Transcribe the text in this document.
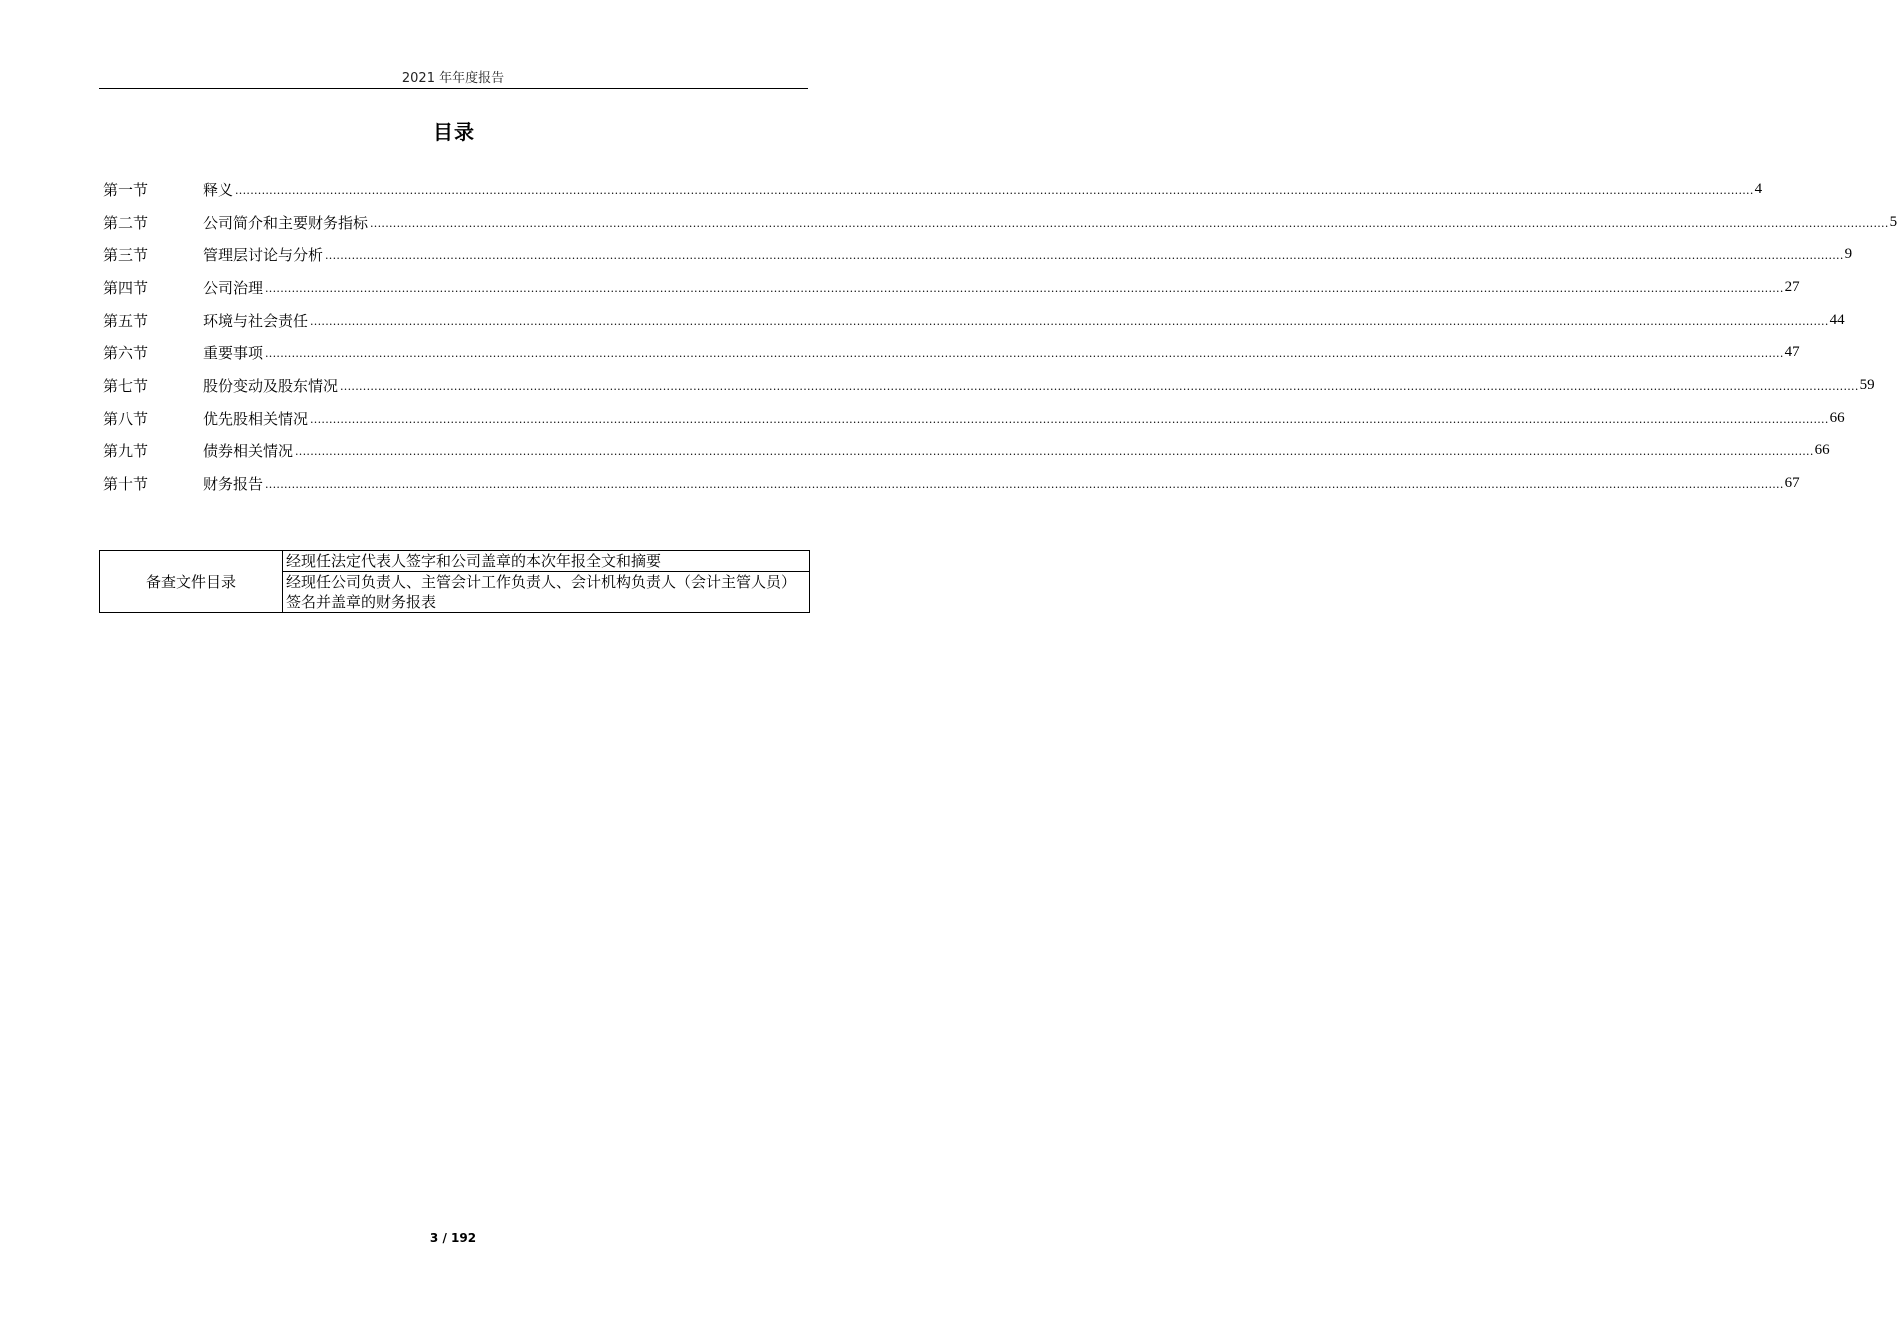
2021 年年度报告
目录
第一节	释义 ................................................................................................................................................................................................................................................................................................................................................................................................................ 4
第二节	公司简介和主要财务指标 ................................................................................................................................................................................................................................................................................................................................................................................................................ 5
第三节	管理层讨论与分析 ................................................................................................................................................................................................................................................................................................................................................................................................................ 9
第四节	公司治理 ................................................................................................................................................................................................................................................................................................................................................................................................................ 27
第五节	环境与社会责任 ................................................................................................................................................................................................................................................................................................................................................................................................................ 44
第六节	重要事项 ................................................................................................................................................................................................................................................................................................................................................................................................................ 47
第七节	股份变动及股东情况 ................................................................................................................................................................................................................................................................................................................................................................................................................ 59
第八节	优先股相关情况 ................................................................................................................................................................................................................................................................................................................................................................................................................ 66
第九节	债券相关情况 ................................................................................................................................................................................................................................................................................................................................................................................................................ 66
第十节	财务报告 ................................................................................................................................................................................................................................................................................................................................................................................................................ 67
备查文件目录	经现任法定代表人签字和公司盖章的本次年报全文和摘要
经现任公司负责人、主管会计工作负责人、会计机构负责人（会计主管人员）签名并盖章的财务报表
3 / 192
